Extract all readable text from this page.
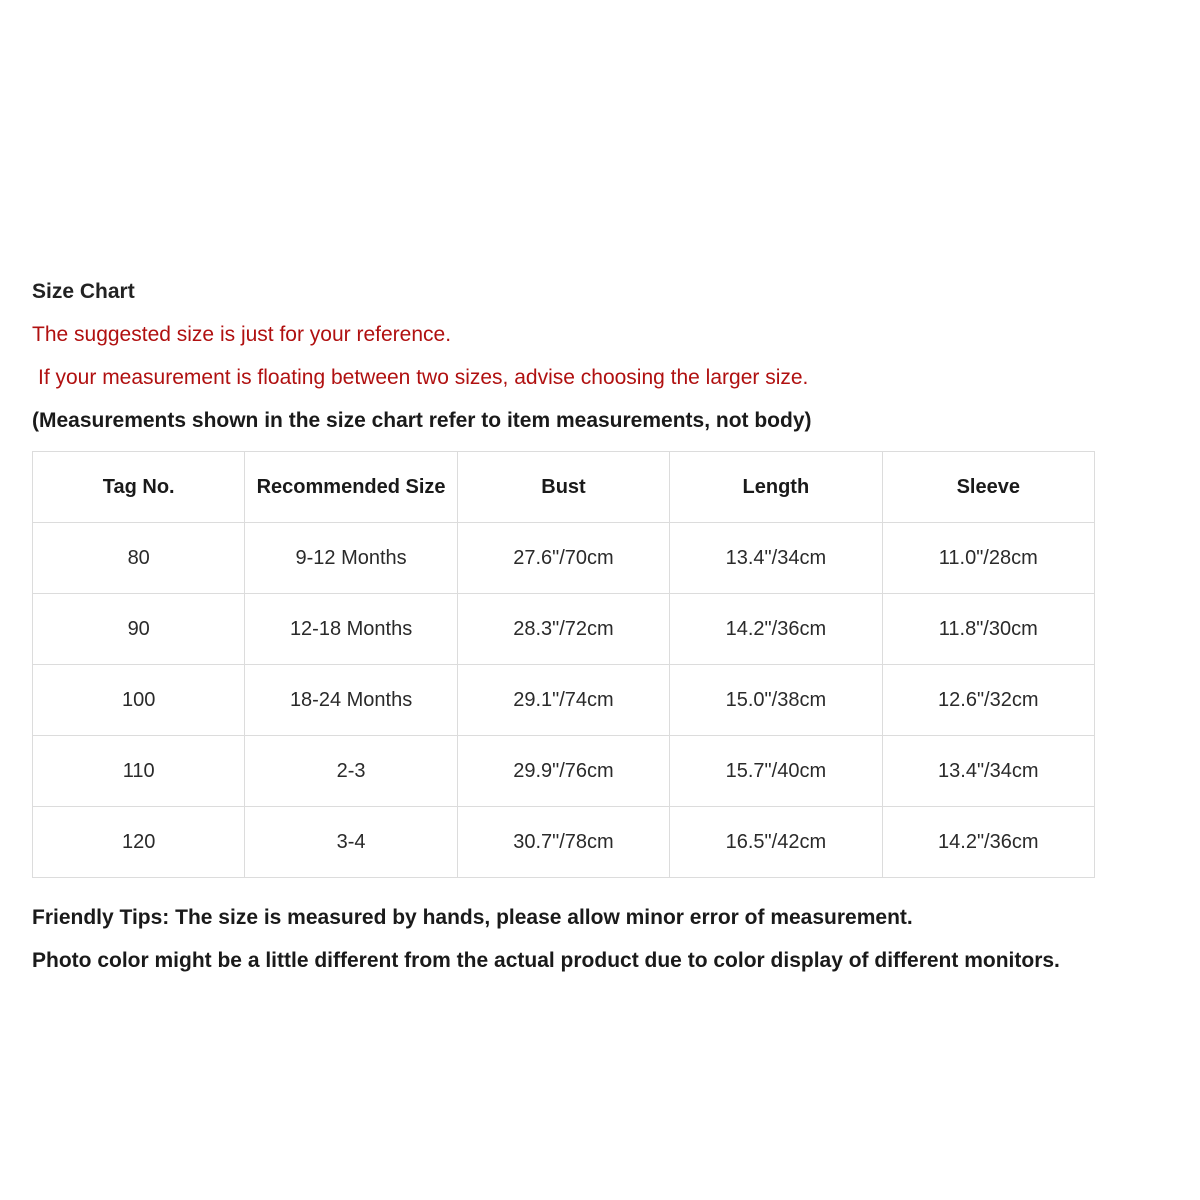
Size Chart
The suggested size is just for your reference.
If your measurement is floating between two sizes, advise choosing the larger size.
(Measurements shown in the size chart refer to item measurements, not body)
Tag No.	Recommended Size	Bust	Length	Sleeve
80	9-12 Months	27.6"/70cm	13.4"/34cm	11.0"/28cm
90	12-18 Months	28.3"/72cm	14.2"/36cm	11.8"/30cm
100	18-24 Months	29.1"/74cm	15.0"/38cm	12.6"/32cm
110	2-3	29.9"/76cm	15.7"/40cm	13.4"/34cm
120	3-4	30.7"/78cm	16.5"/42cm	14.2"/36cm
Friendly Tips: The size is measured by hands, please allow minor error of measurement.
Photo color might be a little different from the actual product due to color display of different monitors.
